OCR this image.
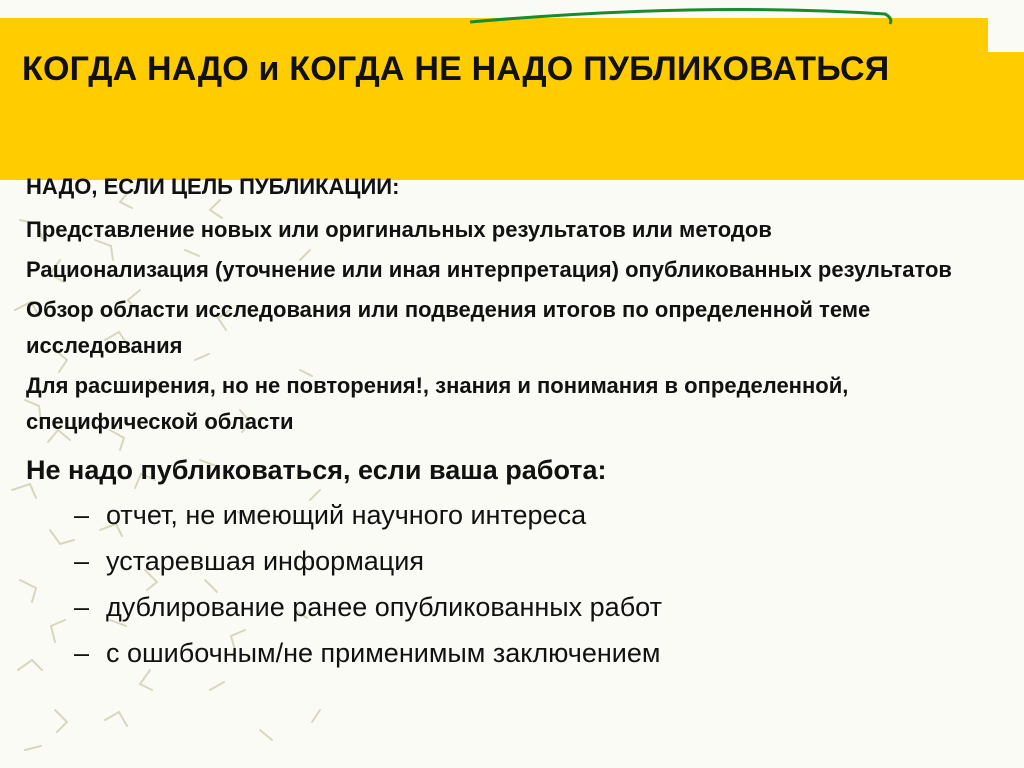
КОГДА НАДО и КОГДА НЕ НАДО ПУБЛИКОВАТЬСЯ
НАДО, ЕСЛИ ЦЕЛЬ ПУБЛИКАЦИИ:
Представление новых или оригинальных результатов или методов
Рационализация (уточнение или иная интерпретация) опубликованных результатов
Обзор области исследования или подведения итогов по определенной теме исследования
Для расширения, но не повторения!, знания и понимания в определенной, специфической области
Не надо публиковаться, если ваша работа:
– отчет, не имеющий научного интереса
– устаревшая информация
– дублирование ранее опубликованных работ
– с ошибочным/не применимым заключением
